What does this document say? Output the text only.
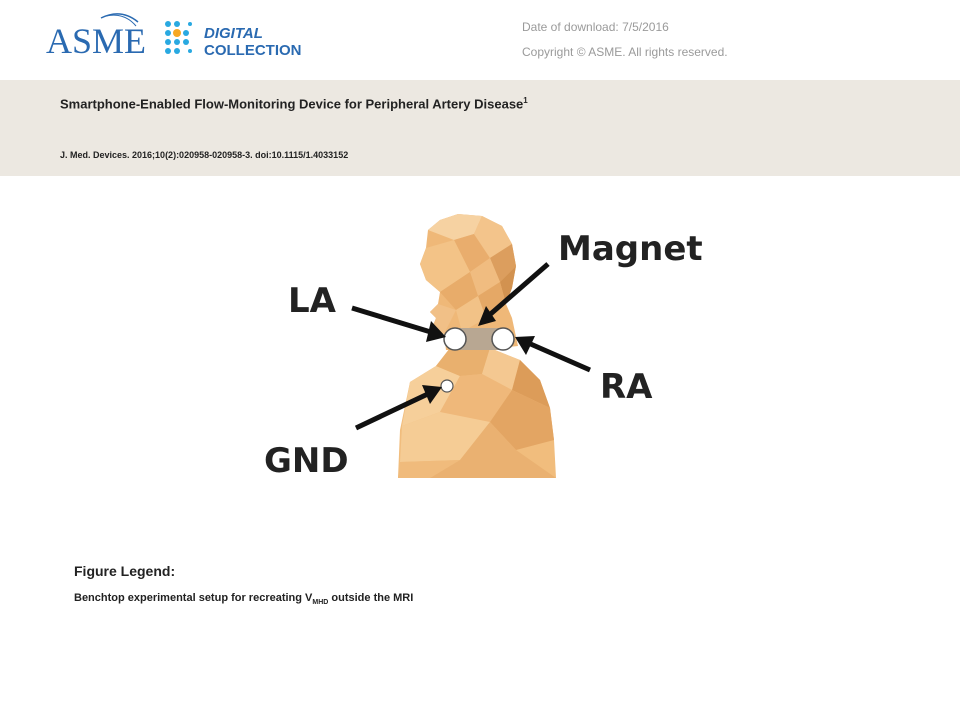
ASME	DIGITAL
COLLECTION
Date of download: 7/5/2016
Copyright © ASME. All rights reserved.
Smartphone-Enabled Flow-Monitoring Device for Peripheral Artery Disease$^1$
J. Med. Devices. 2016;10(2):020958-020958-3. doi:10.1115/1.4033152
Magnet
LA
RA
GND
Figure Legend:
Benchtop experimental setup for recreating $V_{MHD}$ outside the MRI
